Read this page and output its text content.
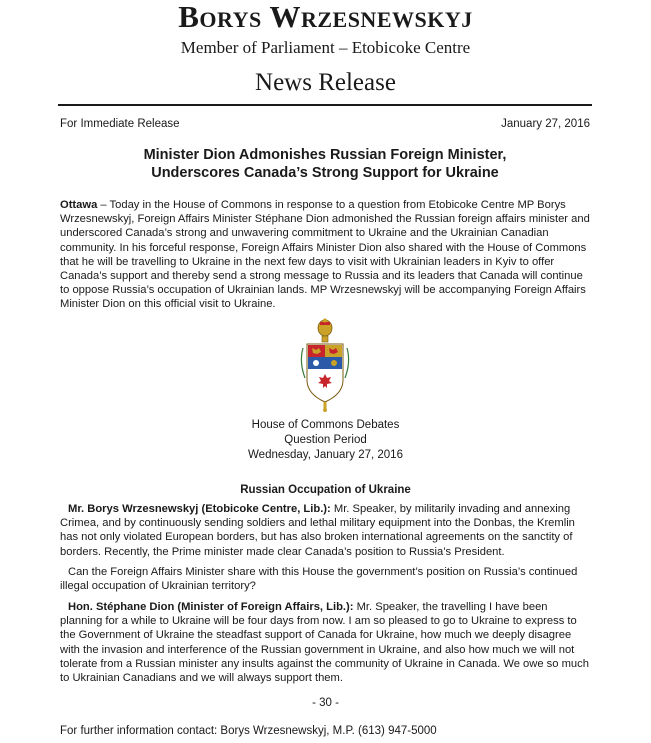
Borys Wrzesnewskyj
Member of Parliament – Etobicoke Centre
News Release
For Immediate Release	January 27, 2016
Minister Dion Admonishes Russian Foreign Minister,
Underscores Canada’s Strong Support for Ukraine
Ottawa – Today in the House of Commons in response to a question from Etobicoke Centre MP Borys Wrzesnewskyj, Foreign Affairs Minister Stéphane Dion admonished the Russian foreign affairs minister and underscored Canada’s strong and unwavering commitment to Ukraine and the Ukrainian Canadian community. In his forceful response, Foreign Affairs Minister Dion also shared with the House of Commons that he will be travelling to Ukraine in the next few days to visit with Ukrainian leaders in Kyiv to offer Canada’s support and thereby send a strong message to Russia and its leaders that Canada will continue to oppose Russia’s occupation of Ukrainian lands. MP Wrzesnewskyj will be accompanying Foreign Affairs Minister Dion on this official visit to Ukraine.
House of Commons Debates
Question Period
Wednesday, January 27, 2016
Russian Occupation of Ukraine
Mr. Borys Wrzesnewskyj (Etobicoke Centre, Lib.): Mr. Speaker, by militarily invading and annexing Crimea, and by continuously sending soldiers and lethal military equipment into the Donbas, the Kremlin has not only violated European borders, but has also broken international agreements on the sanctity of borders. Recently, the Prime minister made clear Canada’s position to Russia’s President.
Can the Foreign Affairs Minister share with this House the government’s position on Russia’s continued illegal occupation of Ukrainian territory?
Hon. Stéphane Dion (Minister of Foreign Affairs, Lib.): Mr. Speaker, the travelling I have been planning for a while to Ukraine will be four days from now. I am so pleased to go to Ukraine to express to the Government of Ukraine the steadfast support of Canada for Ukraine, how much we deeply disagree with the invasion and interference of the Russian government in Ukraine, and also how much we will not tolerate from a Russian minister any insults against the community of Ukraine in Canada. We owe so much to Ukrainian Canadians and we will always support them.
- 30 -
For further information contact: Borys Wrzesnewskyj, M.P. (613) 947-5000
